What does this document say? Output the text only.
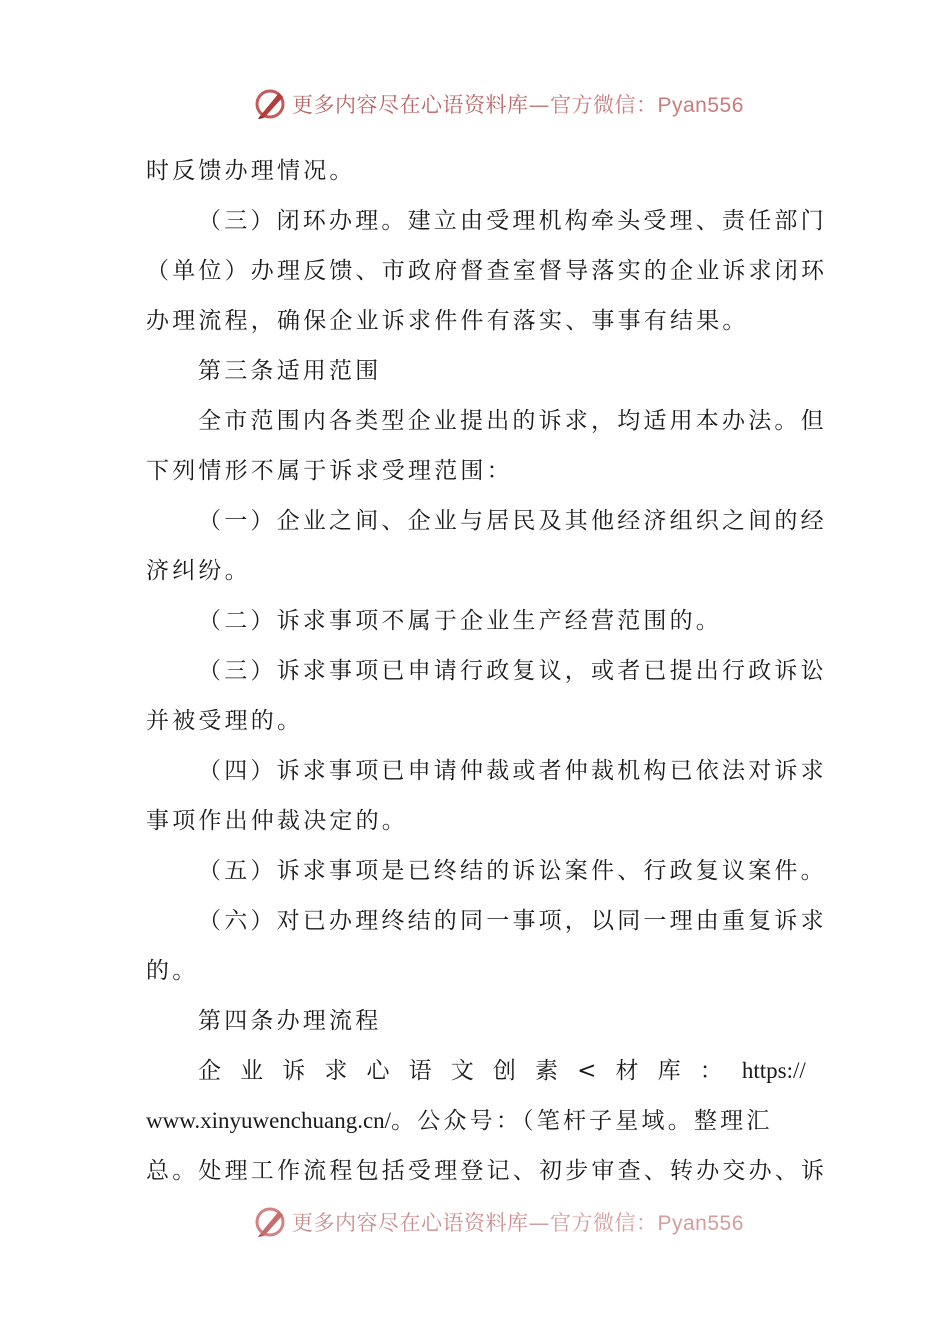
更多内容尽在心语资料库—官方微信：Pyan556
时反馈办理情况。
（三）闭环办理。建立由受理机构牵头受理、责任部门
（单位）办理反馈、市政府督查室督导落实的企业诉求闭环
办理流程，确保企业诉求件件有落实、事事有结果。
第三条适用范围
全市范围内各类型企业提出的诉求，均适用本办法。但
下列情形不属于诉求受理范围：
（一）企业之间、企业与居民及其他经济组织之间的经
济纠纷。
（二）诉求事项不属于企业生产经营范围的。
（三）诉求事项已申请行政复议，或者已提出行政诉讼
并被受理的。
（四）诉求事项已申请仲裁或者仲裁机构已依法对诉求
事项作出仲裁决定的。
（五）诉求事项是已终结的诉讼案件、行政复议案件。
（六）对已办理终结的同一事项，以同一理由重复诉求
的。
第四条办理流程
企 业 诉 求 心 语 文 创 素 < 材 库 ： https://
www.xinyuwenchuang.cn/。公众号：（笔杆子星域。整理汇
总。处理工作流程包括受理登记、初步审查、转办交办、诉
更多内容尽在心语资料库—官方微信：Pyan556
